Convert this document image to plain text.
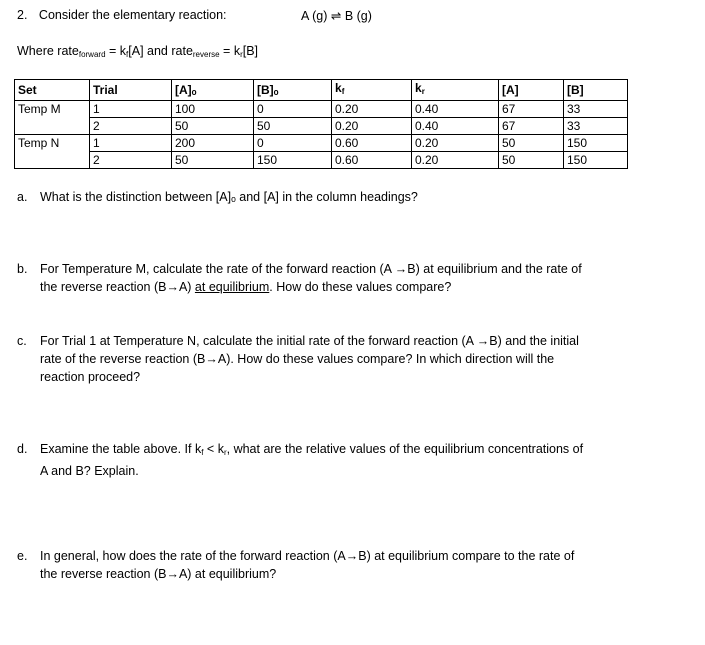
2. Consider the elementary reaction:	A (g) ⇌ B (g)
Where rate$_{forward}$ = $k_f[A]$ and rate$_{reverse}$ = $k_r[B]$
Set	Trial	[A]ₒ	[B]ₒ	$k_f$	$k_r$	[A]	[B]
Temp M	1	100	0	0.20	0.40	67	33
	2	50	50	0.20	0.40	67	33
Temp N	1	200	0	0.60	0.20	50	150
	2	50	150	0.60	0.20	50	150
a. What is the distinction between [A]ₒ and [A] in the column headings?
b. For Temperature M, calculate the rate of the forward reaction (A →B) at equilibrium and the rate of
the reverse reaction (B→A) at equilibrium. How do these values compare?
c. For Trial 1 at Temperature N, calculate the initial rate of the forward reaction (A →B) and the initial
rate of the reverse reaction (B→A). How do these values compare? In which direction will the
reaction proceed?
d. Examine the table above. If $k_f < k_r$, what are the relative values of the equilibrium concentrations of
A and B? Explain.
e. In general, how does the rate of the forward reaction (A→B) at equilibrium compare to the rate of
the reverse reaction (B→A) at equilibrium?
